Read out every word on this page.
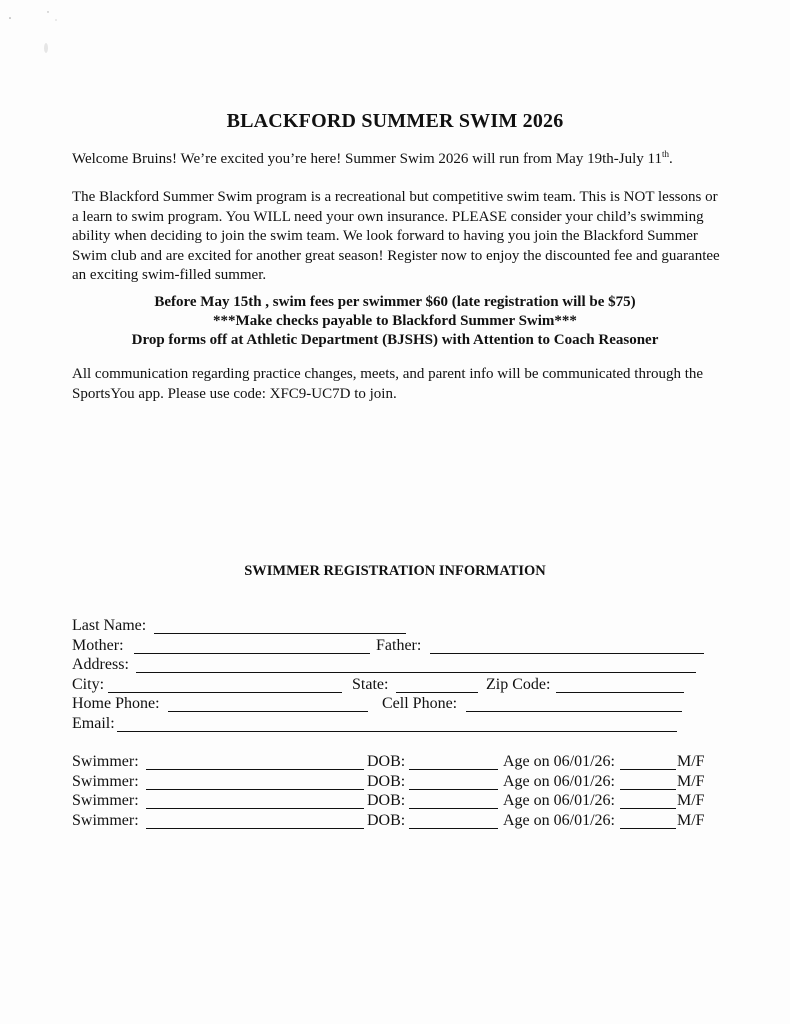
BLACKFORD SUMMER SWIM 2026
Welcome Bruins! We’re excited you’re here! Summer Swim 2026 will run from May 19th-July 11th.
The Blackford Summer Swim program is a recreational but competitive swim team. This is NOT lessons or a learn to swim program. You WILL need your own insurance. PLEASE consider your child’s swimming ability when deciding to join the swim team. We look forward to having you join the Blackford Summer Swim club and are excited for another great season! Register now to enjoy the discounted fee and guarantee an exciting swim-filled summer.
Before May 15th , swim fees per swimmer $60 (late registration will be $75)
***Make checks payable to Blackford Summer Swim***
Drop forms off at Athletic Department (BJSHS) with Attention to Coach Reasoner
All communication regarding practice changes, meets, and parent info will be communicated through the SportsYou app. Please use code: XFC9-UC7D to join.
SWIMMER REGISTRATION INFORMATION
Last Name:
Mother:	Father:
Address:
City:	State:	Zip Code:
Home Phone:	Cell Phone:
Email:
Swimmer:	DOB:	Age on 06/01/26:	M/F
Swimmer:	DOB:	Age on 06/01/26:	M/F
Swimmer:	DOB:	Age on 06/01/26:	M/F
Swimmer:	DOB:	Age on 06/01/26:	M/F
